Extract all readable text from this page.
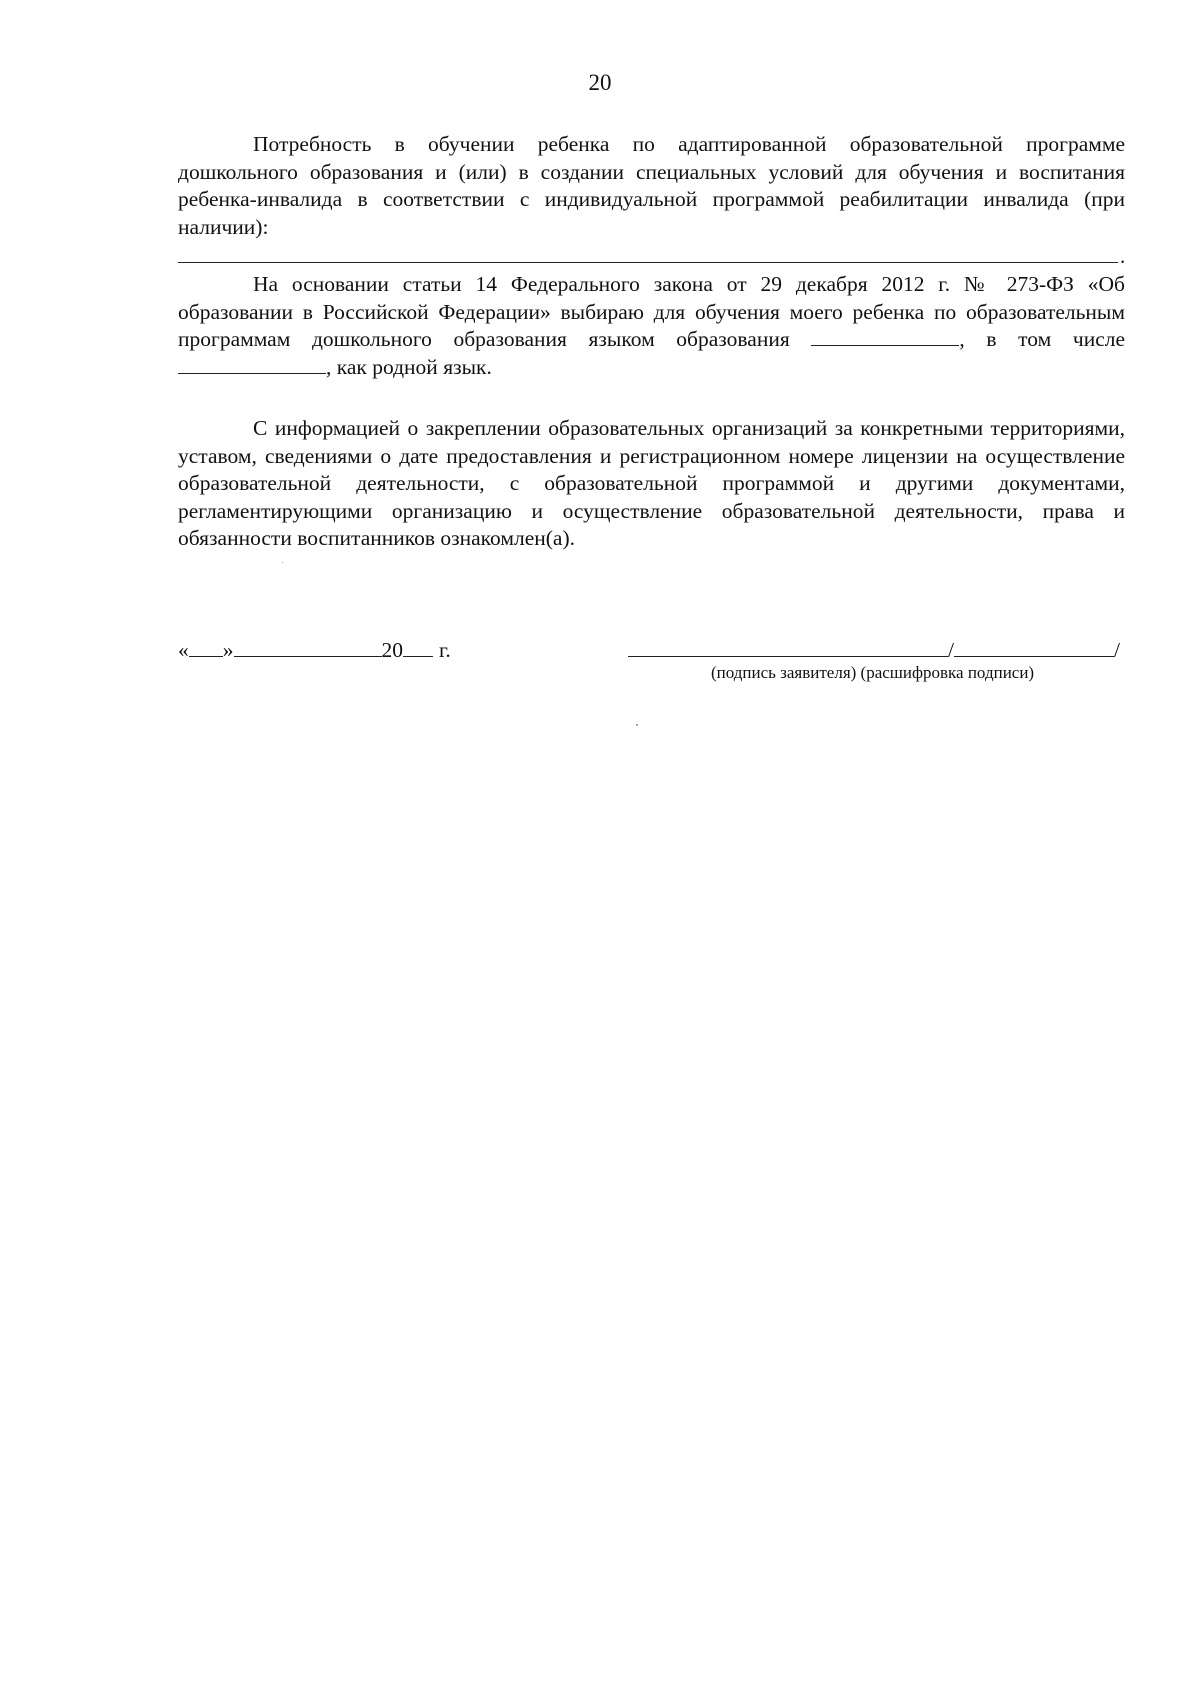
20
Потребность в обучении ребенка по адаптированной образовательной программе дошкольного образования и (или) в создании специальных условий для обучения и воспитания ребенка-инвалида в соответствии с индивидуальной программой реабилитации инвалида (при наличии):
.
На основании статьи 14 Федерального закона от 29 декабря 2012 г. № 273-ФЗ «Об образовании в Российской Федерации» выбираю для обучения моего ребенка по образовательным программам дошкольного образования языком образования	, в том числе , как родной язык.
С информацией о закреплении образовательных организаций за конкретными территориями, уставом, сведениями о дате предоставления и регистрационном номере лицензии на осуществление образовательной деятельности, с образовательной программой и другими документами, регламентирующими организацию и осуществление образовательной деятельности, права и обязанности воспитанников ознакомлен(а).
« »	20 г.	/	/
(подпись заявителя) (расшифровка подписи)
